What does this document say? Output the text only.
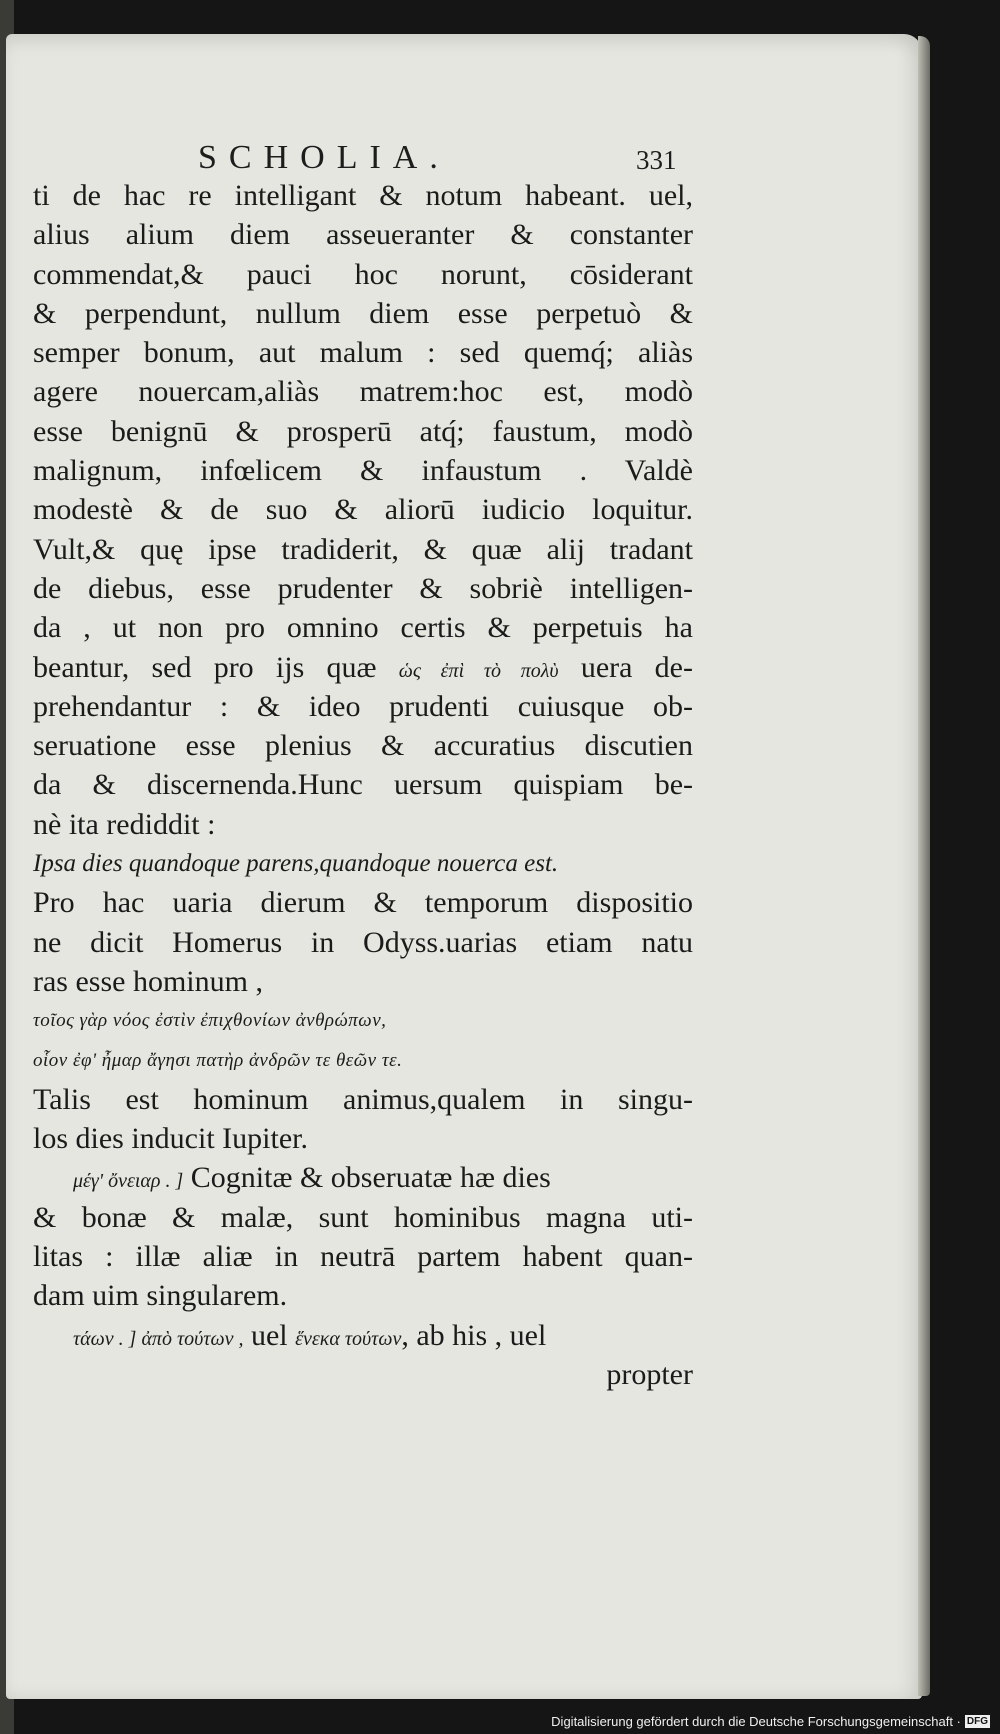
SCHOLIA.	331
ti de hac re intelligant & notum habeant. uel,
alius alium diem asseueranter & constanter
commendat,& pauci hoc norunt, cōsiderant
& perpendunt, nullum diem esse perpetuò &
semper bonum, aut malum : sed quemq́; aliàs
agere nouercam,aliàs matrem:hoc est, modò
esse benignū & prosperū atq́; faustum, modò
malignum, infœlicem & infaustum . Valdè
modestè & de suo & aliorū iudicio loquitur.
Vult,& quę ipse tradiderit, & quæ alij tradant
de diebus, esse prudenter & sobriè intelligen-
da , ut non pro omnino certis & perpetuis ha
beantur, sed pro ijs quæ ὡς ἐπὶ τὸ πολὺ uera de-
prehendantur : & ideo prudenti cuiusque ob-
seruatione esse plenius & accuratius discutien
da & discernenda.Hunc uersum quispiam be-
nè ita rediddit :
Ipsa dies quandoque parens,quandoque nouerca est.
Pro hac uaria dierum & temporum dispositio
ne dicit Homerus in Odyss.uarias etiam natu
ras esse hominum ,
τοῖος γὰρ νόος ἐστὶν ἐπιχθονίων ἀνθρώπων,
οἷον ἐφ' ἦμαρ ἄγησι πατὴρ ἀνδρῶν τε θεῶν τε.
Talis est hominum animus,qualem in singu-
los dies inducit Iupiter.
μέγ' ὄνειαρ . ] Cognitæ & obseruatæ hæ dies
& bonæ & malæ, sunt hominibus magna uti-
litas : illæ aliæ in neutrā partem habent quan-
dam uim singularem.
τάων . ] ἀπὸ τούτων , uel ἕνεκα τούτων, ab his , uel
propter
Digitalisierung gefördert durch die Deutsche Forschungsgemeinschaft · DFG
